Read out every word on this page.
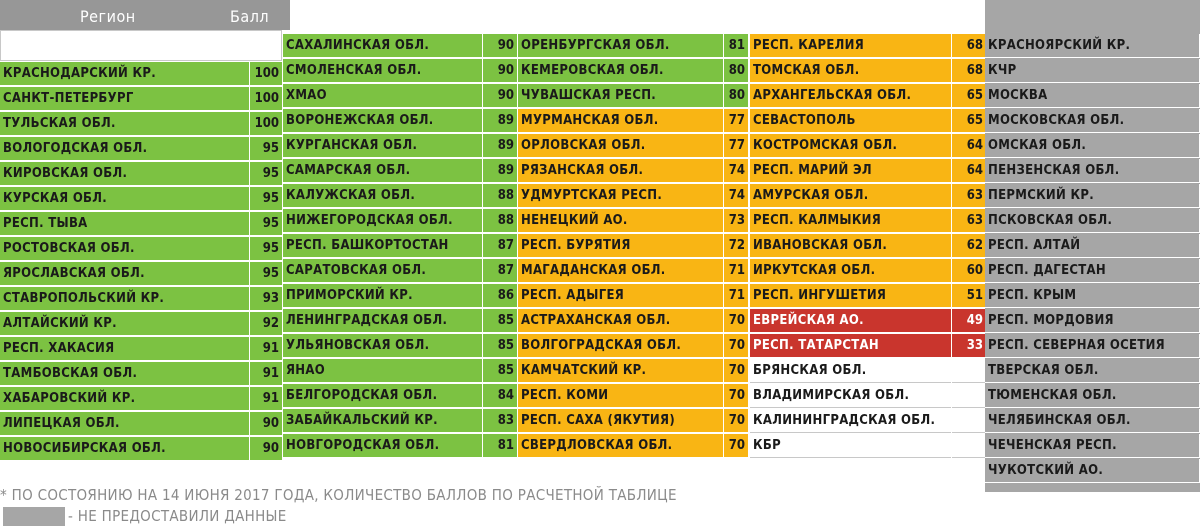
Регион	Балл
КРАСНОДАРСКИЙ КР.	100
САНКТ-ПЕТЕРБУРГ	100
ТУЛЬСКАЯ ОБЛ.	100
ВОЛОГОДСКАЯ ОБЛ.	95
КИРОВСКАЯ ОБЛ.	95
КУРСКАЯ ОБЛ.	95
РЕСП. ТЫВА	95
РОСТОВСКАЯ ОБЛ.	95
ЯРОСЛАВСКАЯ ОБЛ.	95
СТАВРОПОЛЬСКИЙ КР.	93
АЛТАЙСКИЙ КР.	92
РЕСП. ХАКАСИЯ	91
ТАМБОВСКАЯ ОБЛ.	91
ХАБАРОВСКИЙ КР.	91
ЛИПЕЦКАЯ ОБЛ.	90
НОВОСИБИРСКАЯ ОБЛ.	90
САХАЛИНСКАЯ ОБЛ.	90
СМОЛЕНСКАЯ ОБЛ.	90
ХМАО	90
ВОРОНЕЖСКАЯ ОБЛ.	89
КУРГАНСКАЯ ОБЛ.	89
САМАРСКАЯ ОБЛ.	89
КАЛУЖСКАЯ ОБЛ.	88
НИЖЕГОРОДСКАЯ ОБЛ.	88
РЕСП. БАШКОРТОСТАН	87
САРАТОВСКАЯ ОБЛ.	87
ПРИМОРСКИЙ КР.	86
ЛЕНИНГРАДСКАЯ ОБЛ.	85
УЛЬЯНОВСКАЯ ОБЛ.	85
ЯНАО	85
БЕЛГОРОДСКАЯ ОБЛ.	84
ЗАБАЙКАЛЬСКИЙ КР.	83
НОВГОРОДСКАЯ ОБЛ.	81
ОРЕНБУРГСКАЯ ОБЛ.	81
КЕМЕРОВСКАЯ ОБЛ.	80
ЧУВАШСКАЯ РЕСП.	80
МУРМАНСКАЯ ОБЛ.	77
ОРЛОВСКАЯ ОБЛ.	77
РЯЗАНСКАЯ ОБЛ.	74
УДМУРТСКАЯ РЕСП.	74
НЕНЕЦКИЙ АО.	73
РЕСП. БУРЯТИЯ	72
МАГАДАНСКАЯ ОБЛ.	71
РЕСП. АДЫГЕЯ	71
АСТРАХАНСКАЯ ОБЛ.	70
ВОЛГОГРАДСКАЯ ОБЛ.	70
КАМЧАТСКИЙ КР.	70
РЕСП. КОМИ	70
РЕСП. САХА (ЯКУТИЯ)	70
СВЕРДЛОВСКАЯ ОБЛ.	70
РЕСП. КАРЕЛИЯ	68
ТОМСКАЯ ОБЛ.	68
АРХАНГЕЛЬСКАЯ ОБЛ.	65
СЕВАСТОПОЛЬ	65
КОСТРОМСКАЯ ОБЛ.	64
РЕСП. МАРИЙ ЭЛ	64
АМУРСКАЯ ОБЛ.	63
РЕСП. КАЛМЫКИЯ	63
ИВАНОВСКАЯ ОБЛ.	62
ИРКУТСКАЯ ОБЛ.	60
РЕСП. ИНГУШЕТИЯ	51
ЕВРЕЙСКАЯ АО.	49
РЕСП. ТАТАРСТАН	33
БРЯНСКАЯ ОБЛ.
ВЛАДИМИРСКАЯ ОБЛ.
КАЛИНИНГРАДСКАЯ ОБЛ.
КБР
КРАСНОЯРСКИЙ КР.
КЧР
МОСКВА
МОСКОВСКАЯ ОБЛ.
ОМСКАЯ ОБЛ.
ПЕНЗЕНСКАЯ ОБЛ.
ПЕРМСКИЙ КР.
ПСКОВСКАЯ ОБЛ.
РЕСП. АЛТАЙ
РЕСП. ДАГЕСТАН
РЕСП. КРЫМ
РЕСП. МОРДОВИЯ
РЕСП. СЕВЕРНАЯ ОСЕТИЯ
ТВЕРСКАЯ ОБЛ.
ТЮМЕНСКАЯ ОБЛ.
ЧЕЛЯБИНСКАЯ ОБЛ.
ЧЕЧЕНСКАЯ РЕСП.
ЧУКОТСКИЙ АО.
* ПО СОСТОЯНИЮ НА 14 ИЮНЯ 2017 ГОДА, КОЛИЧЕСТВО БАЛЛОВ ПО РАСЧЕТНОЙ ТАБЛИЦЕ
- НЕ ПРЕДОСТАВИЛИ ДАННЫЕ
